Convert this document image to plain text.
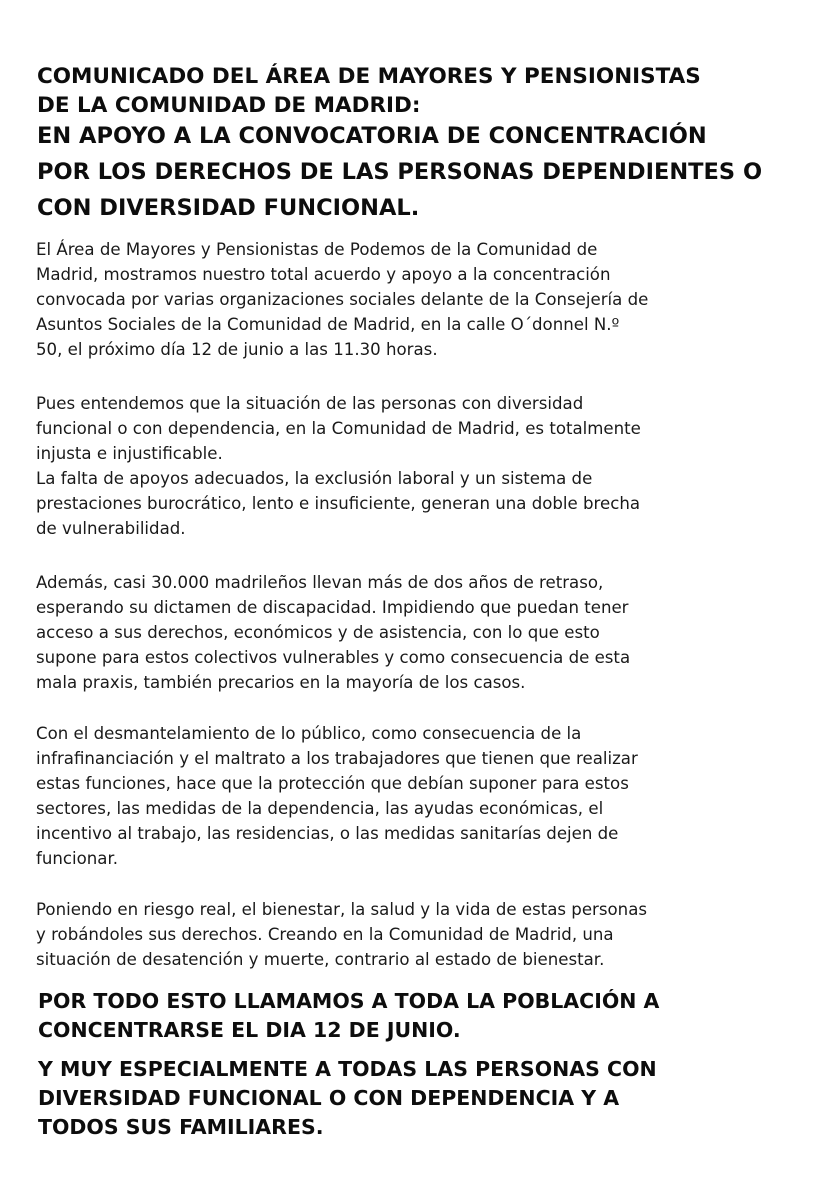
COMUNICADO DEL ÁREA DE MAYORES Y PENSIONISTAS
DE LA COMUNIDAD DE MADRID:
EN APOYO A LA CONVOCATORIA DE CONCENTRACIÓN
POR LOS DERECHOS DE LAS PERSONAS DEPENDIENTES O
CON DIVERSIDAD FUNCIONAL.

El Área de Mayores y Pensionistas de Podemos de la Comunidad de
Madrid, mostramos nuestro total acuerdo y apoyo a la concentración
convocada por varias organizaciones sociales delante de la Consejería de
Asuntos Sociales de la Comunidad de Madrid, en la calle O´donnel N.º
50, el próximo día 12 de junio a las 11.30 horas.

Pues entendemos que la situación de las personas con diversidad
funcional o con dependencia, en la Comunidad de Madrid, es totalmente
injusta e injustificable.

La falta de apoyos adecuados, la exclusión laboral y un sistema de
prestaciones burocrático, lento e insuficiente, generan una doble brecha
de vulnerabilidad.

Además, casi 30.000 madrileños llevan más de dos años de retraso,
esperando su dictamen de discapacidad. Impidiendo que puedan tener
acceso a sus derechos, económicos y de asistencia, con lo que esto
supone para estos colectivos vulnerables y como consecuencia de esta
mala praxis, también precarios en la mayoría de los casos.

Con el desmantelamiento de lo público, como consecuencia de la
infrafinanciación y el maltrato a los trabajadores que tienen que realizar
estas funciones, hace que la protección que debían suponer para estos
sectores, las medidas de la dependencia, las ayudas económicas, el
incentivo al trabajo, las residencias, o las medidas sanitarías dejen de
funcionar.

Poniendo en riesgo real, el bienestar, la salud y la vida de estas personas
y robándoles sus derechos. Creando en la Comunidad de Madrid, una
situación de desatención y muerte, contrario al estado de bienestar.

POR TODO ESTO LLAMAMOS A TODA LA POBLACIÓN A
CONCENTRARSE EL DIA 12 DE JUNIO.
Y MUY ESPECIALMENTE A TODAS LAS PERSONAS CON
DIVERSIDAD FUNCIONAL O CON DEPENDENCIA Y A
TODOS SUS FAMILIARES.
